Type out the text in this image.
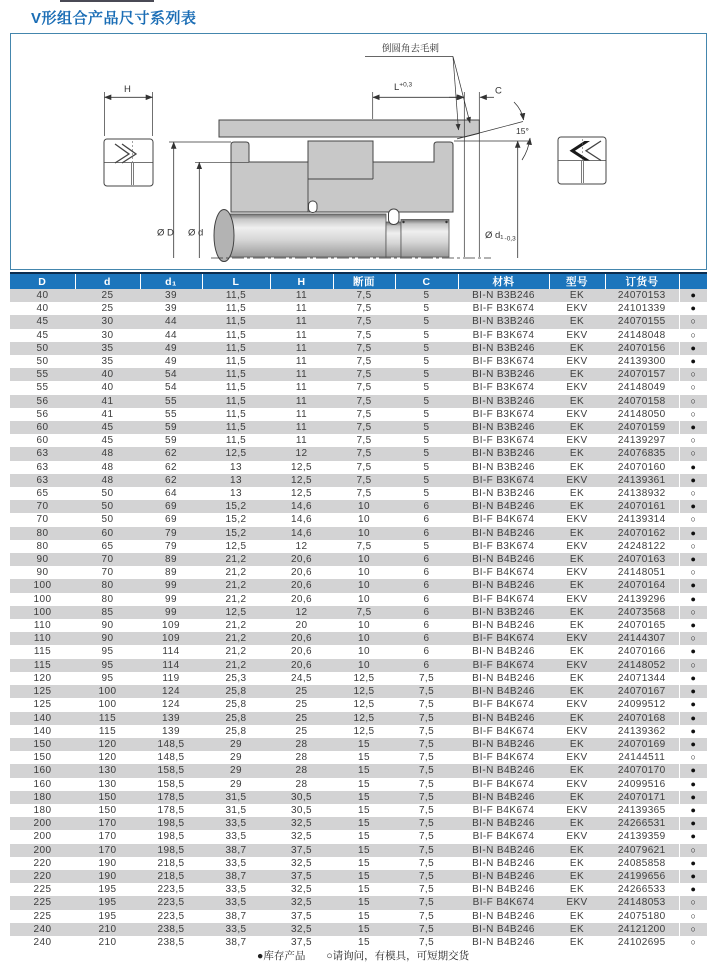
V形组合产品尺寸系列表
H
Ø D Ø d	Ø $d_1_{-0,3}$
$L^{+0,3}$
C
15°
倒圆角去毛刺
D	d	d₁	L	H	断面	C	材料	型号	订货号	
40	25	39	11,5	11	7,5	5	BI-N B3B246	EK	24070153	●
40	25	39	11,5	11	7,5	5	BI-F B3K674	EKV	24101339	●
45	30	44	11,5	11	7,5	5	BI-N B3B246	EK	24070155	○
45	30	44	11,5	11	7,5	5	BI-F B3K674	EKV	24148048	○
50	35	49	11,5	11	7,5	5	BI-N B3B246	EK	24070156	●
50	35	49	11,5	11	7,5	5	BI-F B3K674	EKV	24139300	●
55	40	54	11,5	11	7,5	5	BI-N B3B246	EK	24070157	○
55	40	54	11,5	11	7,5	5	BI-F B3K674	EKV	24148049	○
56	41	55	11,5	11	7,5	5	BI-N B3B246	EK	24070158	○
56	41	55	11,5	11	7,5	5	BI-F B3K674	EKV	24148050	○
60	45	59	11,5	11	7,5	5	BI-N B3B246	EK	24070159	●
60	45	59	11,5	11	7,5	5	BI-F B3K674	EKV	24139297	○
63	48	62	12,5	12	7,5	5	BI-N B3B246	EK	24076835	○
63	48	62	13	12,5	7,5	5	BI-N B3B246	EK	24070160	●
63	48	62	13	12,5	7,5	5	BI-F B3K674	EKV	24139361	●
65	50	64	13	12,5	7,5	5	BI-N B3B246	EK	24138932	○
70	50	69	15,2	14,6	10	6	BI-N B4B246	EK	24070161	●
70	50	69	15,2	14,6	10	6	BI-F B4K674	EKV	24139314	○
80	60	79	15,2	14,6	10	6	BI-N B4B246	EK	24070162	●
80	65	79	12,5	12	7,5	5	BI-F B3K674	EKV	24248122	○
90	70	89	21,2	20,6	10	6	BI-N B4B246	EK	24070163	●
90	70	89	21,2	20,6	10	6	BI-F B4K674	EKV	24148051	○
100	80	99	21,2	20,6	10	6	BI-N B4B246	EK	24070164	●
100	80	99	21,2	20,6	10	6	BI-F B4K674	EKV	24139296	●
100	85	99	12,5	12	7,5	6	BI-N B3B246	EK	24073568	○
110	90	109	21,2	20	10	6	BI-N B4B246	EK	24070165	●
110	90	109	21,2	20,6	10	6	BI-F B4K674	EKV	24144307	○
115	95	114	21,2	20,6	10	6	BI-N B4B246	EK	24070166	●
115	95	114	21,2	20,6	10	6	BI-F B4K674	EKV	24148052	○
120	95	119	25,3	24,5	12,5	7,5	BI-N B4B246	EK	24071344	●
125	100	124	25,8	25	12,5	7,5	BI-N B4B246	EK	24070167	●
125	100	124	25,8	25	12,5	7,5	BI-F B4K674	EKV	24099512	●
140	115	139	25,8	25	12,5	7,5	BI-N B4B246	EK	24070168	●
140	115	139	25,8	25	12,5	7,5	BI-F B4K674	EKV	24139362	●
150	120	148,5	29	28	15	7,5	BI-N B4B246	EK	24070169	●
150	120	148,5	29	28	15	7,5	BI-F B4K674	EKV	24144511	○
160	130	158,5	29	28	15	7,5	BI-N B4B246	EK	24070170	●
160	130	158,5	29	28	15	7,5	BI-F B4K674	EKV	24099516	●
180	150	178,5	31,5	30,5	15	7,5	BI-N B4B246	EK	24070171	●
180	150	178,5	31,5	30,5	15	7,5	BI-F B4K674	EKV	24139365	●
200	170	198,5	33,5	32,5	15	7,5	BI-N B4B246	EK	24266531	●
200	170	198,5	33,5	32,5	15	7,5	BI-F B4K674	EKV	24139359	●
200	170	198,5	38,7	37,5	15	7,5	BI-N B4B246	EK	24079621	○
220	190	218,5	33,5	32,5	15	7,5	BI-N B4B246	EK	24085858	●
220	190	218,5	38,7	37,5	15	7,5	BI-N B4B246	EK	24199656	●
225	195	223,5	33,5	32,5	15	7,5	BI-N B4B246	EK	24266533	●
225	195	223,5	33,5	32,5	15	7,5	BI-F B4K674	EKV	24148053	○
225	195	223,5	38,7	37,5	15	7,5	BI-N B4B246	EK	24075180	○
240	210	238,5	33,5	32,5	15	7,5	BI-N B4B246	EK	24121200	○
240	210	238,5	38,7	37,5	15	7,5	BI-N B4B246	EK	24102695	○
●库存产品　　○请询问，有模具，可短期交货
